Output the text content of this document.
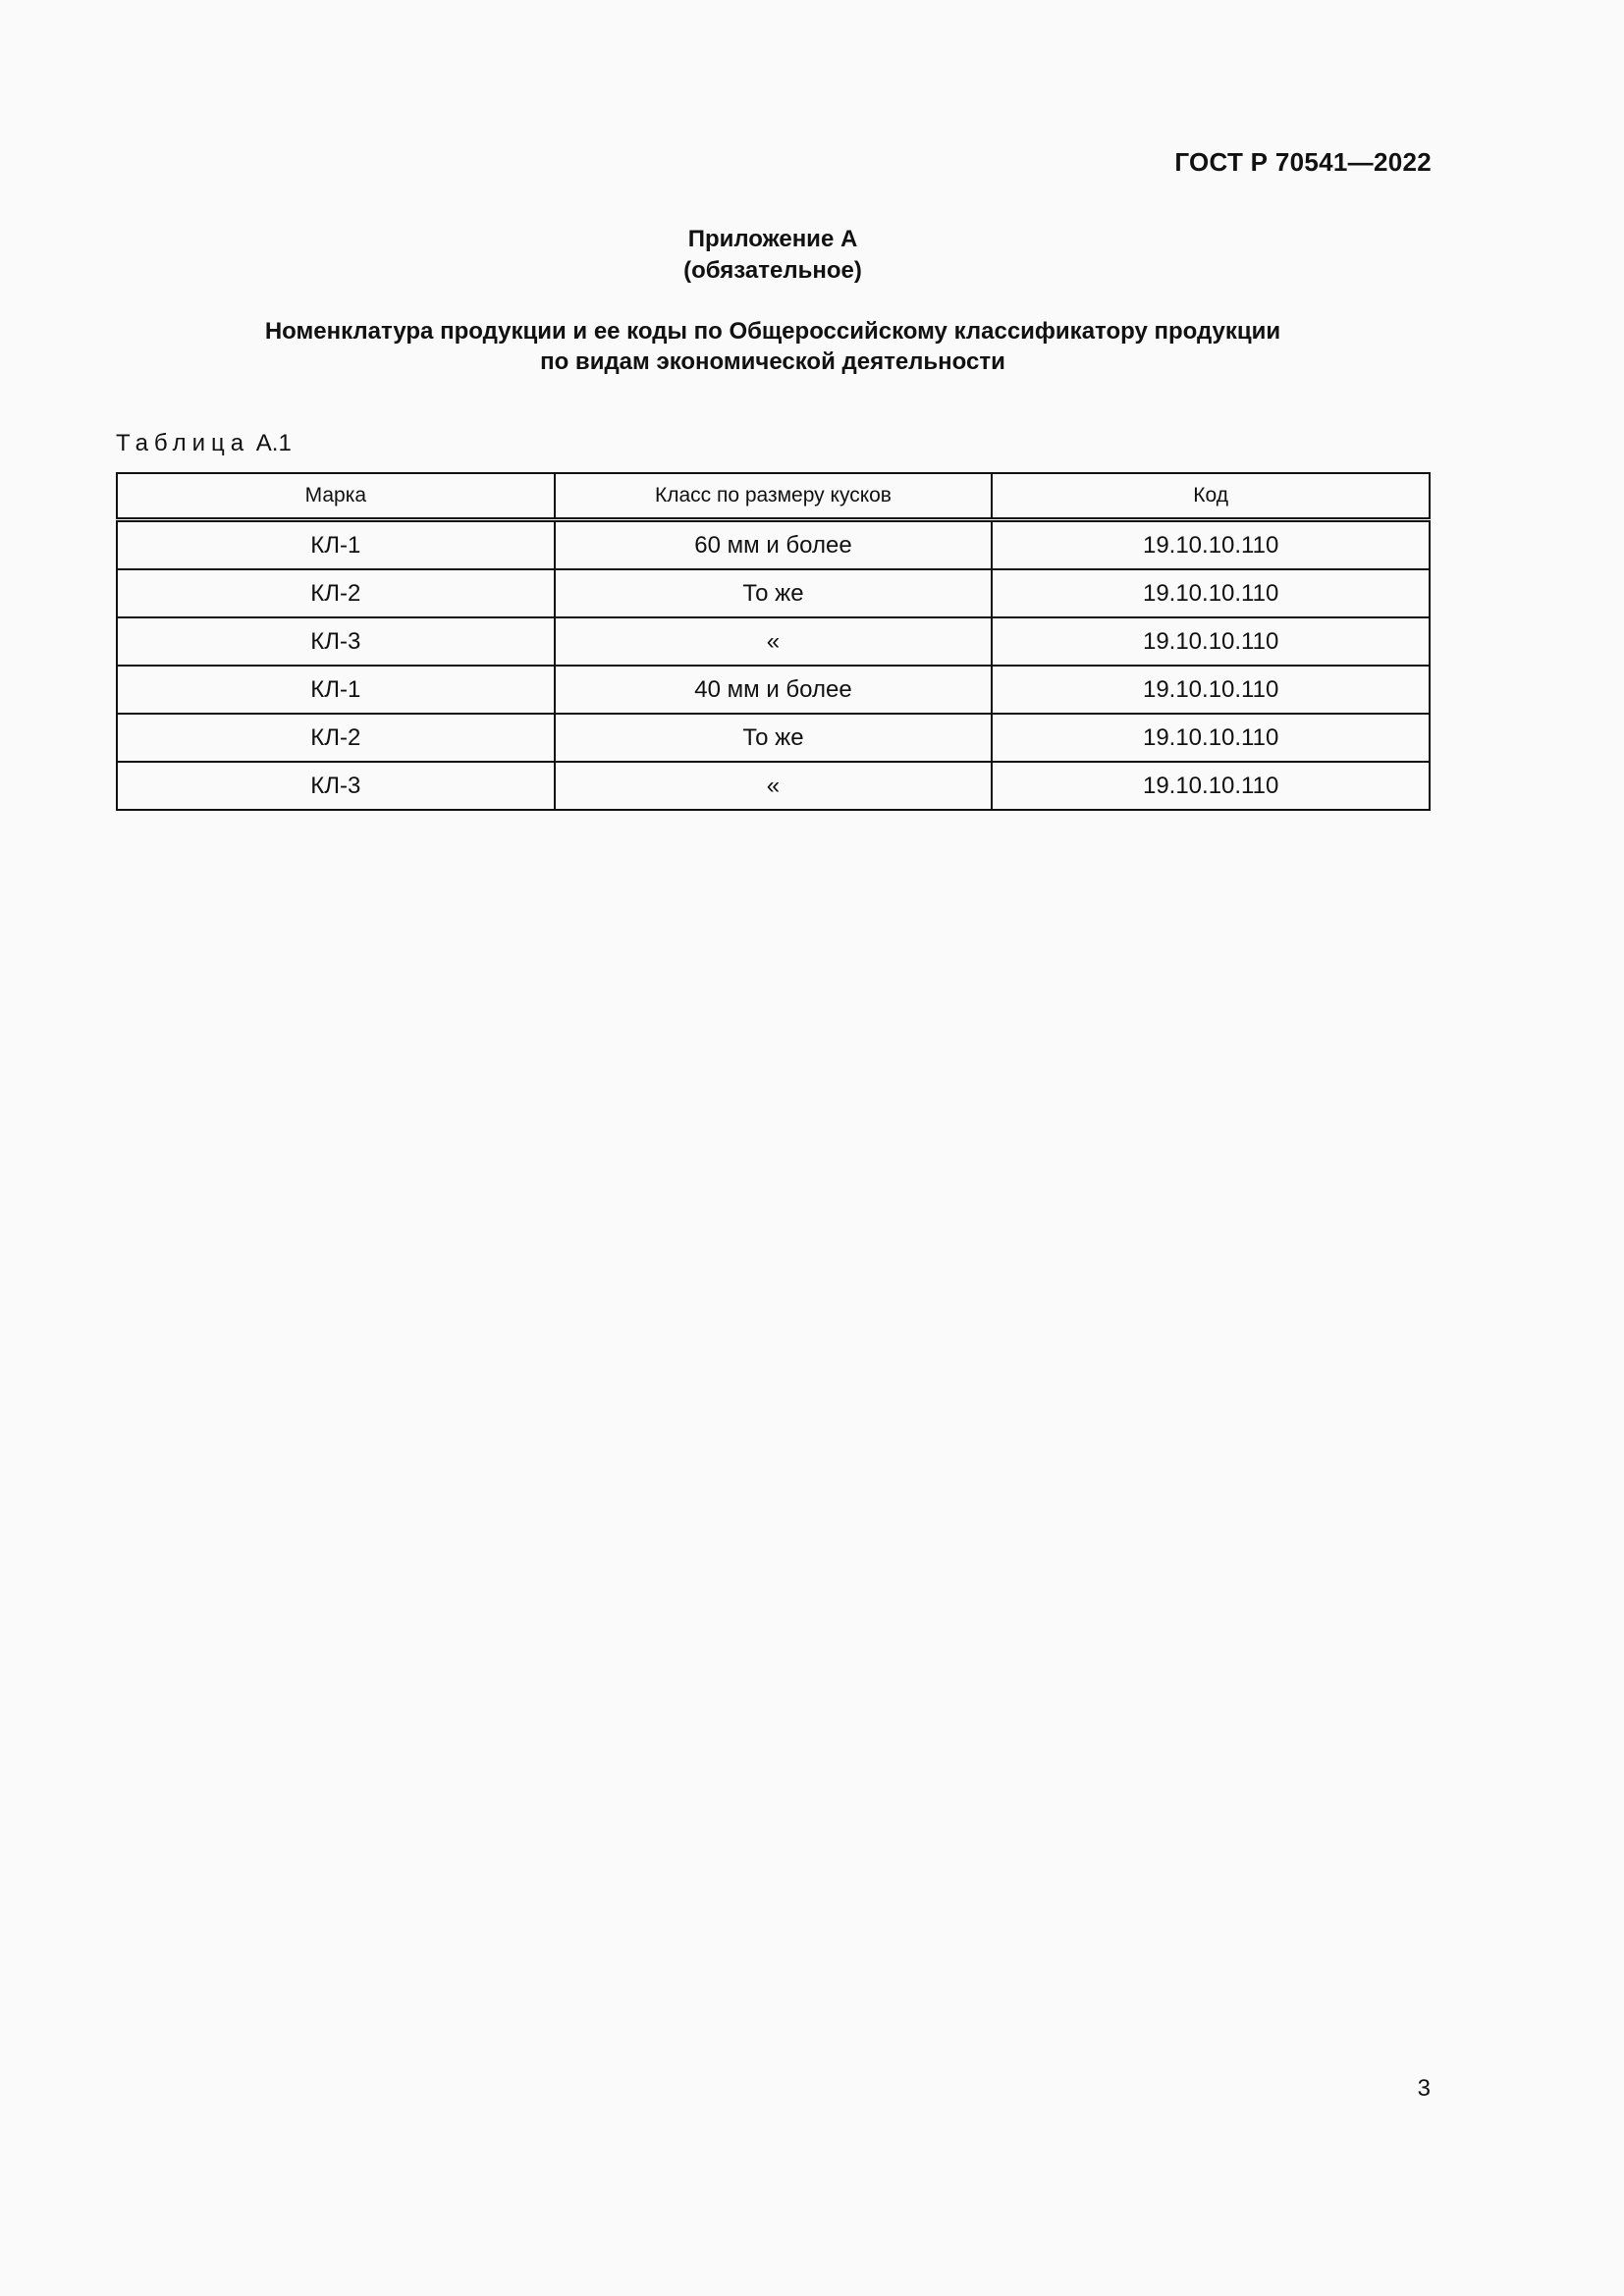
ГОСТ Р 70541—2022
Приложение А
(обязательное)
Номенклатура продукции и ее коды по Общероссийскому классификатору продукции
по видам экономической деятельности
Таблица А.1
Марка	Класс по размеру кусков	Код
КЛ-1	60 мм и более	19.10.10.110
КЛ-2	То же	19.10.10.110
КЛ-3	«	19.10.10.110
КЛ-1	40 мм и более	19.10.10.110
КЛ-2	То же	19.10.10.110
КЛ-3	«	19.10.10.110
3
